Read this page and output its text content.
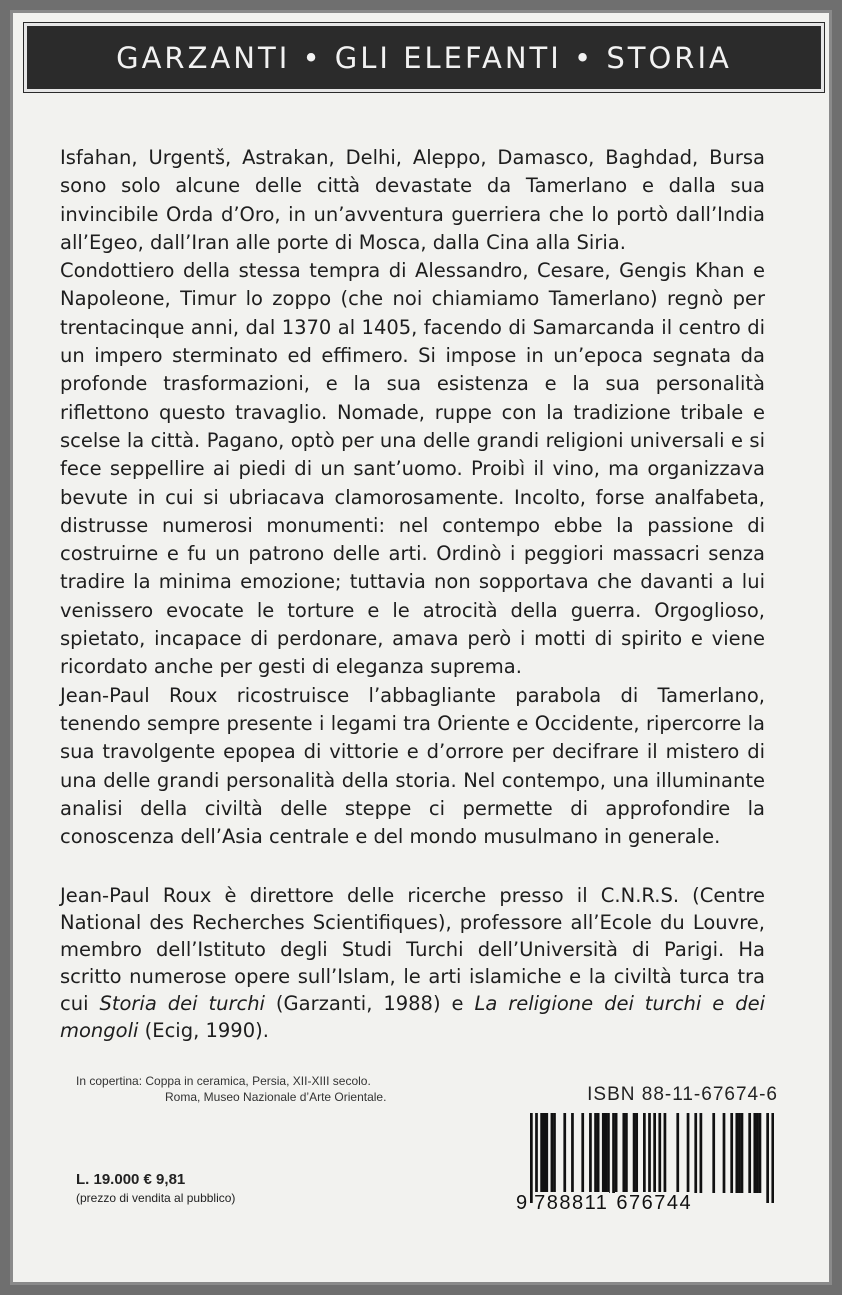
GARZANTI • GLI ELEFANTI • STORIA

Isfahan, Urgentš, Astrakan, Delhi, Aleppo, Damasco, Baghdad, Bursa sono solo alcune delle città devastate da Tamerlano e dalla sua invincibile Orda d’Oro, in un’avventura guerriera che lo portò dall’India all’Egeo, dall’Iran alle porte di Mosca, dalla Cina alla Siria.

Condottiero della stessa tempra di Alessandro, Cesare, Gengis Khan e Napoleone, Timur lo zoppo (che noi chiamiamo Tamerlano) regnò per trentacinque anni, dal 1370 al 1405, facendo di Samarcanda il centro di un impero sterminato ed effimero. Si impose in un’epoca segnata da profonde trasformazioni, e la sua esistenza e la sua personalità riflettono questo travaglio. Nomade, ruppe con la tradizione tribale e scelse la città. Pagano, optò per una delle grandi religioni universali e si fece seppellire ai piedi di un sant’uomo. Proibì il vino, ma organizzava bevute in cui si ubriacava clamorosamente. Incolto, forse analfabeta, distrusse numerosi monumenti: nel contempo ebbe la passione di costruirne e fu un patrono delle arti. Ordinò i peggiori massacri senza tradire la minima emozione; tuttavia non sopportava che davanti a lui venissero evocate le torture e le atrocità della guerra. Orgoglioso, spietato, incapace di perdonare, amava però i motti di spirito e viene ricordato anche per gesti di eleganza suprema.

Jean-Paul Roux ricostruisce l’abbagliante parabola di Tamerlano, tenendo sempre presente i legami tra Oriente e Occidente, ripercorre la sua travolgente epopea di vittorie e d’orrore per decifrare il mistero di una delle grandi personalità della storia. Nel contempo, una illuminante analisi della civiltà delle steppe ci permette di approfondire la conoscenza dell’Asia centrale e del mondo musulmano in generale.

Jean-Paul Roux è direttore delle ricerche presso il C.N.R.S. (Centre National des Recherches Scientifiques), professore all’Ecole du Louvre, membro dell’Istituto degli Studi Turchi dell’Università di Parigi. Ha scritto numerose opere sull’Islam, le arti islamiche e la civiltà turca tra cui Storia dei turchi (Garzanti, 1988) e La religione dei turchi e dei mongoli (Ecig, 1990).

In copertina: Coppa in ceramica, Persia, XII-XIII secolo.
Roma, Museo Nazionale d’Arte Orientale.	ISBN 88-11-67674-6
9 788811 676744
L. 19.000 € 9,81
(prezzo di vendita al pubblico)
